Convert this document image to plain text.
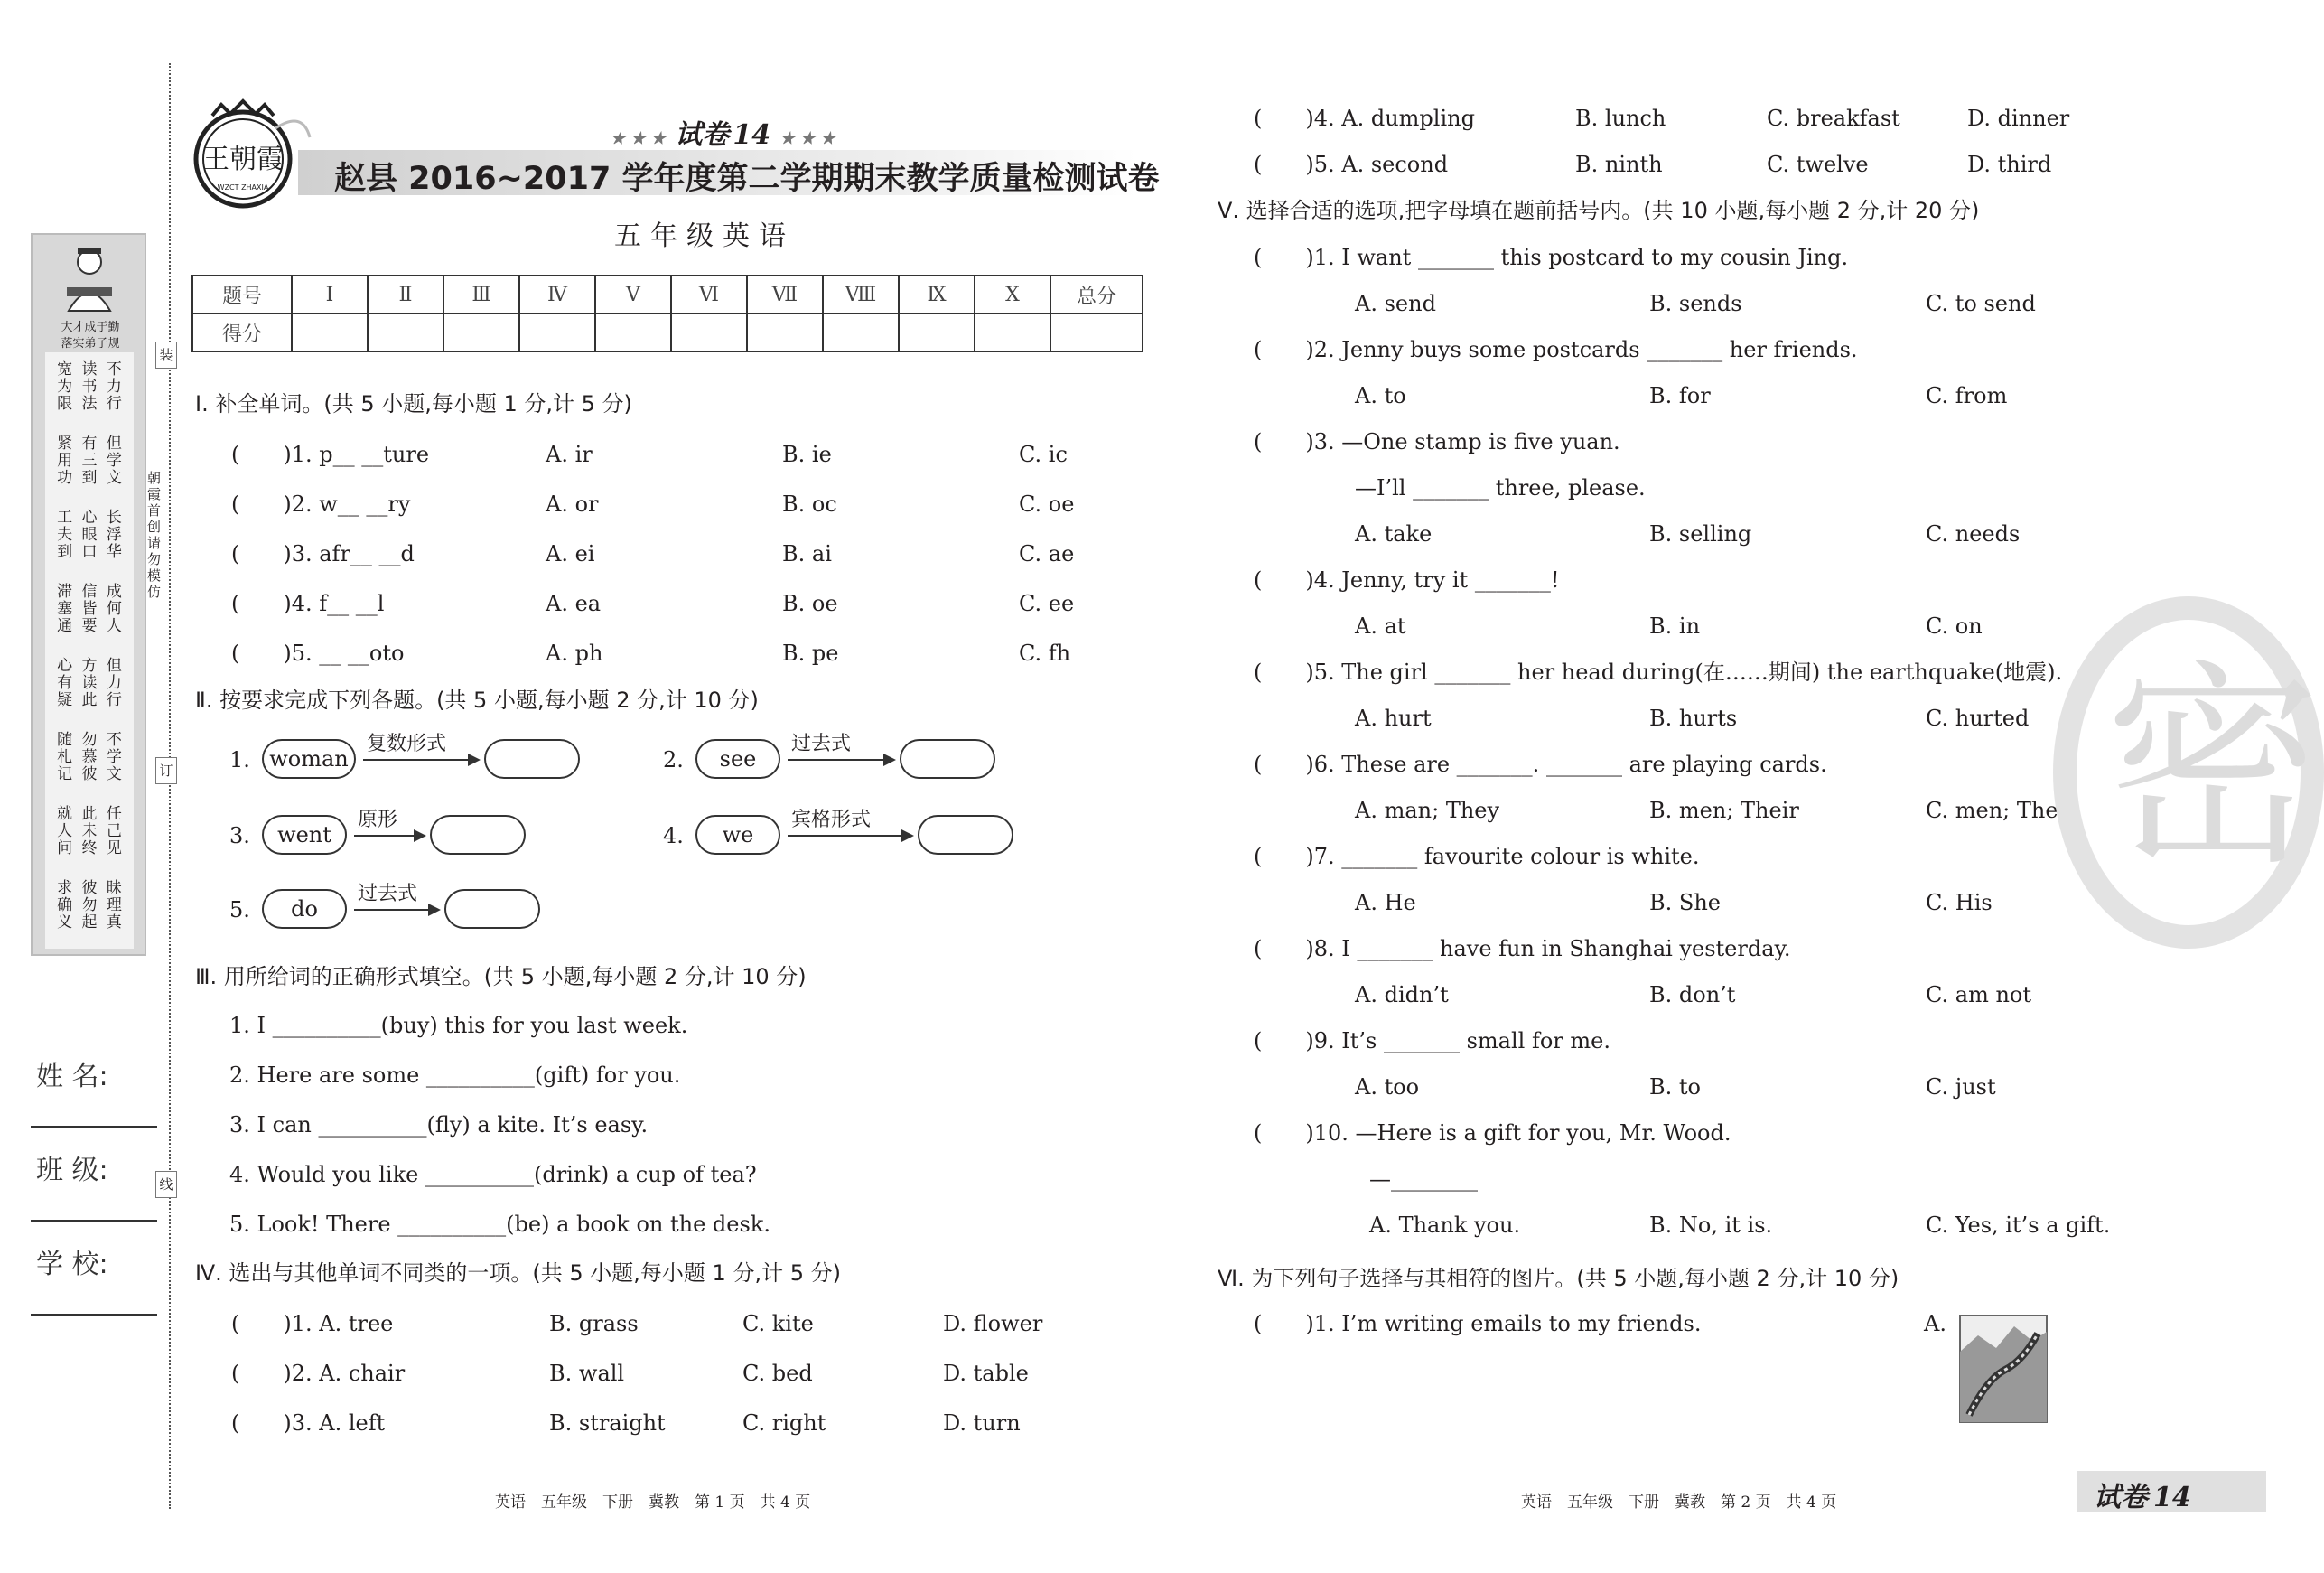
大才成于勤
落实弟子规
宽为限
读书法
不力行
紧用功
有三到
但学文
工夫到
心眼口
长浮华
滞塞通
信皆要
成何人
心有疑
方读此
但力行
随札记
勿慕彼
不学文
就人问
此未终
任己见
求确义
彼勿起
昧理真
装
订
线
朝霞首创请勿模仿
姓 名:
班 级:
学 校:
王朝霞
WZCT ZHAXIA
★ ★ ★ 试卷 14 ★ ★ ★
赵县 2016~2017 学年度第二学期期末教学质量检测试卷
五年级英语
题号	Ⅰ	Ⅱ	Ⅲ	Ⅳ	Ⅴ	Ⅵ	Ⅶ	Ⅷ	Ⅸ	Ⅹ	总分
得分											
Ⅰ. 补全单词。(共 5 小题,每小题 1 分,计 5 分)
(　　)1. p__ __ture	A. ir	B. ie	C. ic
(　　)2. w__ __ry	A. or	B. oc	C. oe
(　　)3. afr__ __d	A. ei	B. ai	C. ae
(　　)4. f__ __l	A. ea	B. oe	C. ee
(　　)5. __ __oto	A. ph	B. pe	C. fh
Ⅱ. 按要求完成下列各题。(共 5 小题,每小题 2 分,计 10 分)
1. woman
复数形式
2.	see
过去式
3.	went
原形
4.	we
宾格形式
5.	do
过去式
Ⅲ. 用所给词的正确形式填空。(共 5 小题,每小题 2 分,计 10 分)
1. I __________(buy) this for you last week.
2. Here are some __________(gift) for you.
3. I can __________(fly) a kite. It’s easy.
4. Would you like __________(drink) a cup of tea?
5. Look! There __________(be) a book on the desk.
Ⅳ. 选出与其他单词不同类的一项。(共 5 小题,每小题 1 分,计 5 分)
(　　)1. A. tree	B. grass	C. kite	D. flower
(　　)2. A. chair	B. wall	C. bed	D. table
(　　)3. A. left	B. straight	C. right	D. turn
(　　)4. A. dumpling	B. lunch	C. breakfast	D. dinner
(　　)5. A. second	B. ninth	C. twelve	D. third
Ⅴ. 选择合适的选项,把字母填在题前括号内。(共 10 小题,每小题 2 分,计 20 分)
(　　)1. I want _______ this postcard to my cousin Jing.
A. send	B. sends	C. to send
(　　)2. Jenny buys some postcards _______ her friends.
A. to	B. for	C. from
(　　)3. —One stamp is five yuan.
—I’ll _______ three, please.
A. take	B. selling	C. needs
(　　)4. Jenny, try it _______!
A. at	B. in	C. on
(　　)5. The girl _______ her head during(在……期间) the earthquake(地震).
A. hurt	B. hurts	C. hurted
(　　)6. These are _______. _______ are playing cards.
A. man; They	B. men; Their	C. men; They
(　　)7. _______ favourite colour is white.
A. He	B. She	C. His
(　　)8. I _______ have fun in Shanghai yesterday.
A. didn’t	B. don’t	C. am not
(　　)9. It’s _______ small for me.
A. too	B. to	C. just
(　　)10. —Here is a gift for you, Mr. Wood.
—________
A. Thank you.	B. No, it is.	C. Yes, it’s a gift.
Ⅵ. 为下列句子选择与其相符的图片。(共 5 小题,每小题 2 分,计 10 分)
(　　)1. I’m writing emails to my friends.	A.
密
英语　五年级　下册　冀教　第 1 页　共 4 页	英语　五年级　下册　冀教　第 2 页　共 4 页	试卷 14
